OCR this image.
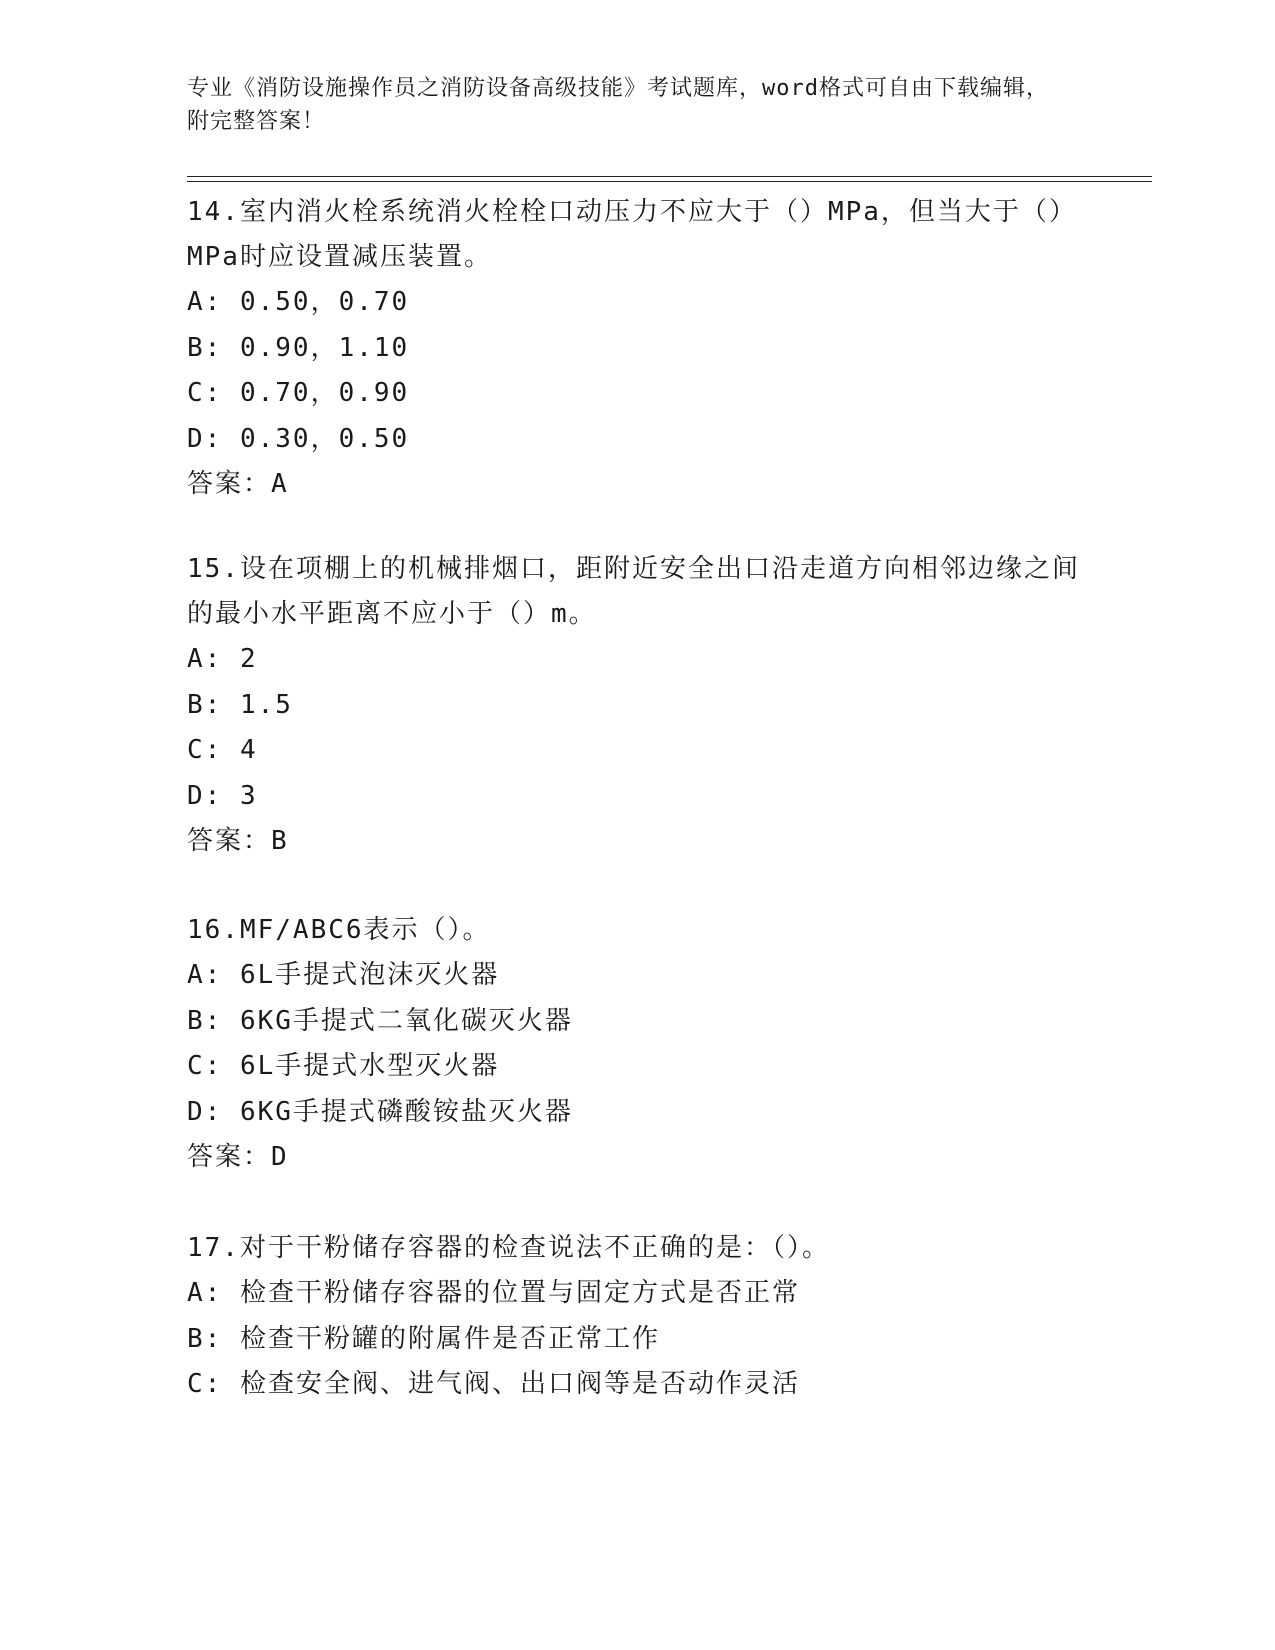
专业《消防设施操作员之消防设备高级技能》考试题库，word格式可自由下载编辑，附完整答案！
14.室内消火栓系统消火栓栓口动压力不应大于（）MPa，但当大于（）MPa时应设置减压装置。
A: 0.50，0.70
B: 0.90，1.10
C: 0.70，0.90
D: 0.30，0.50
答案：A
15.设在项棚上的机械排烟口，距附近安全出口沿走道方向相邻边缘之间的最小水平距离不应小于（）m。
A: 2
B: 1.5
C: 4
D: 3
答案：B
16.MF/ABC6表示（）。
A: 6L手提式泡沫灭火器
B: 6KG手提式二氧化碳灭火器
C: 6L手提式水型灭火器
D: 6KG手提式磷酸铵盐灭火器
答案：D
17.对于干粉储存容器的检查说法不正确的是：（）。
A: 检查干粉储存容器的位置与固定方式是否正常
B: 检查干粉罐的附属件是否正常工作
C: 检查安全阀、进气阀、出口阀等是否动作灵活
